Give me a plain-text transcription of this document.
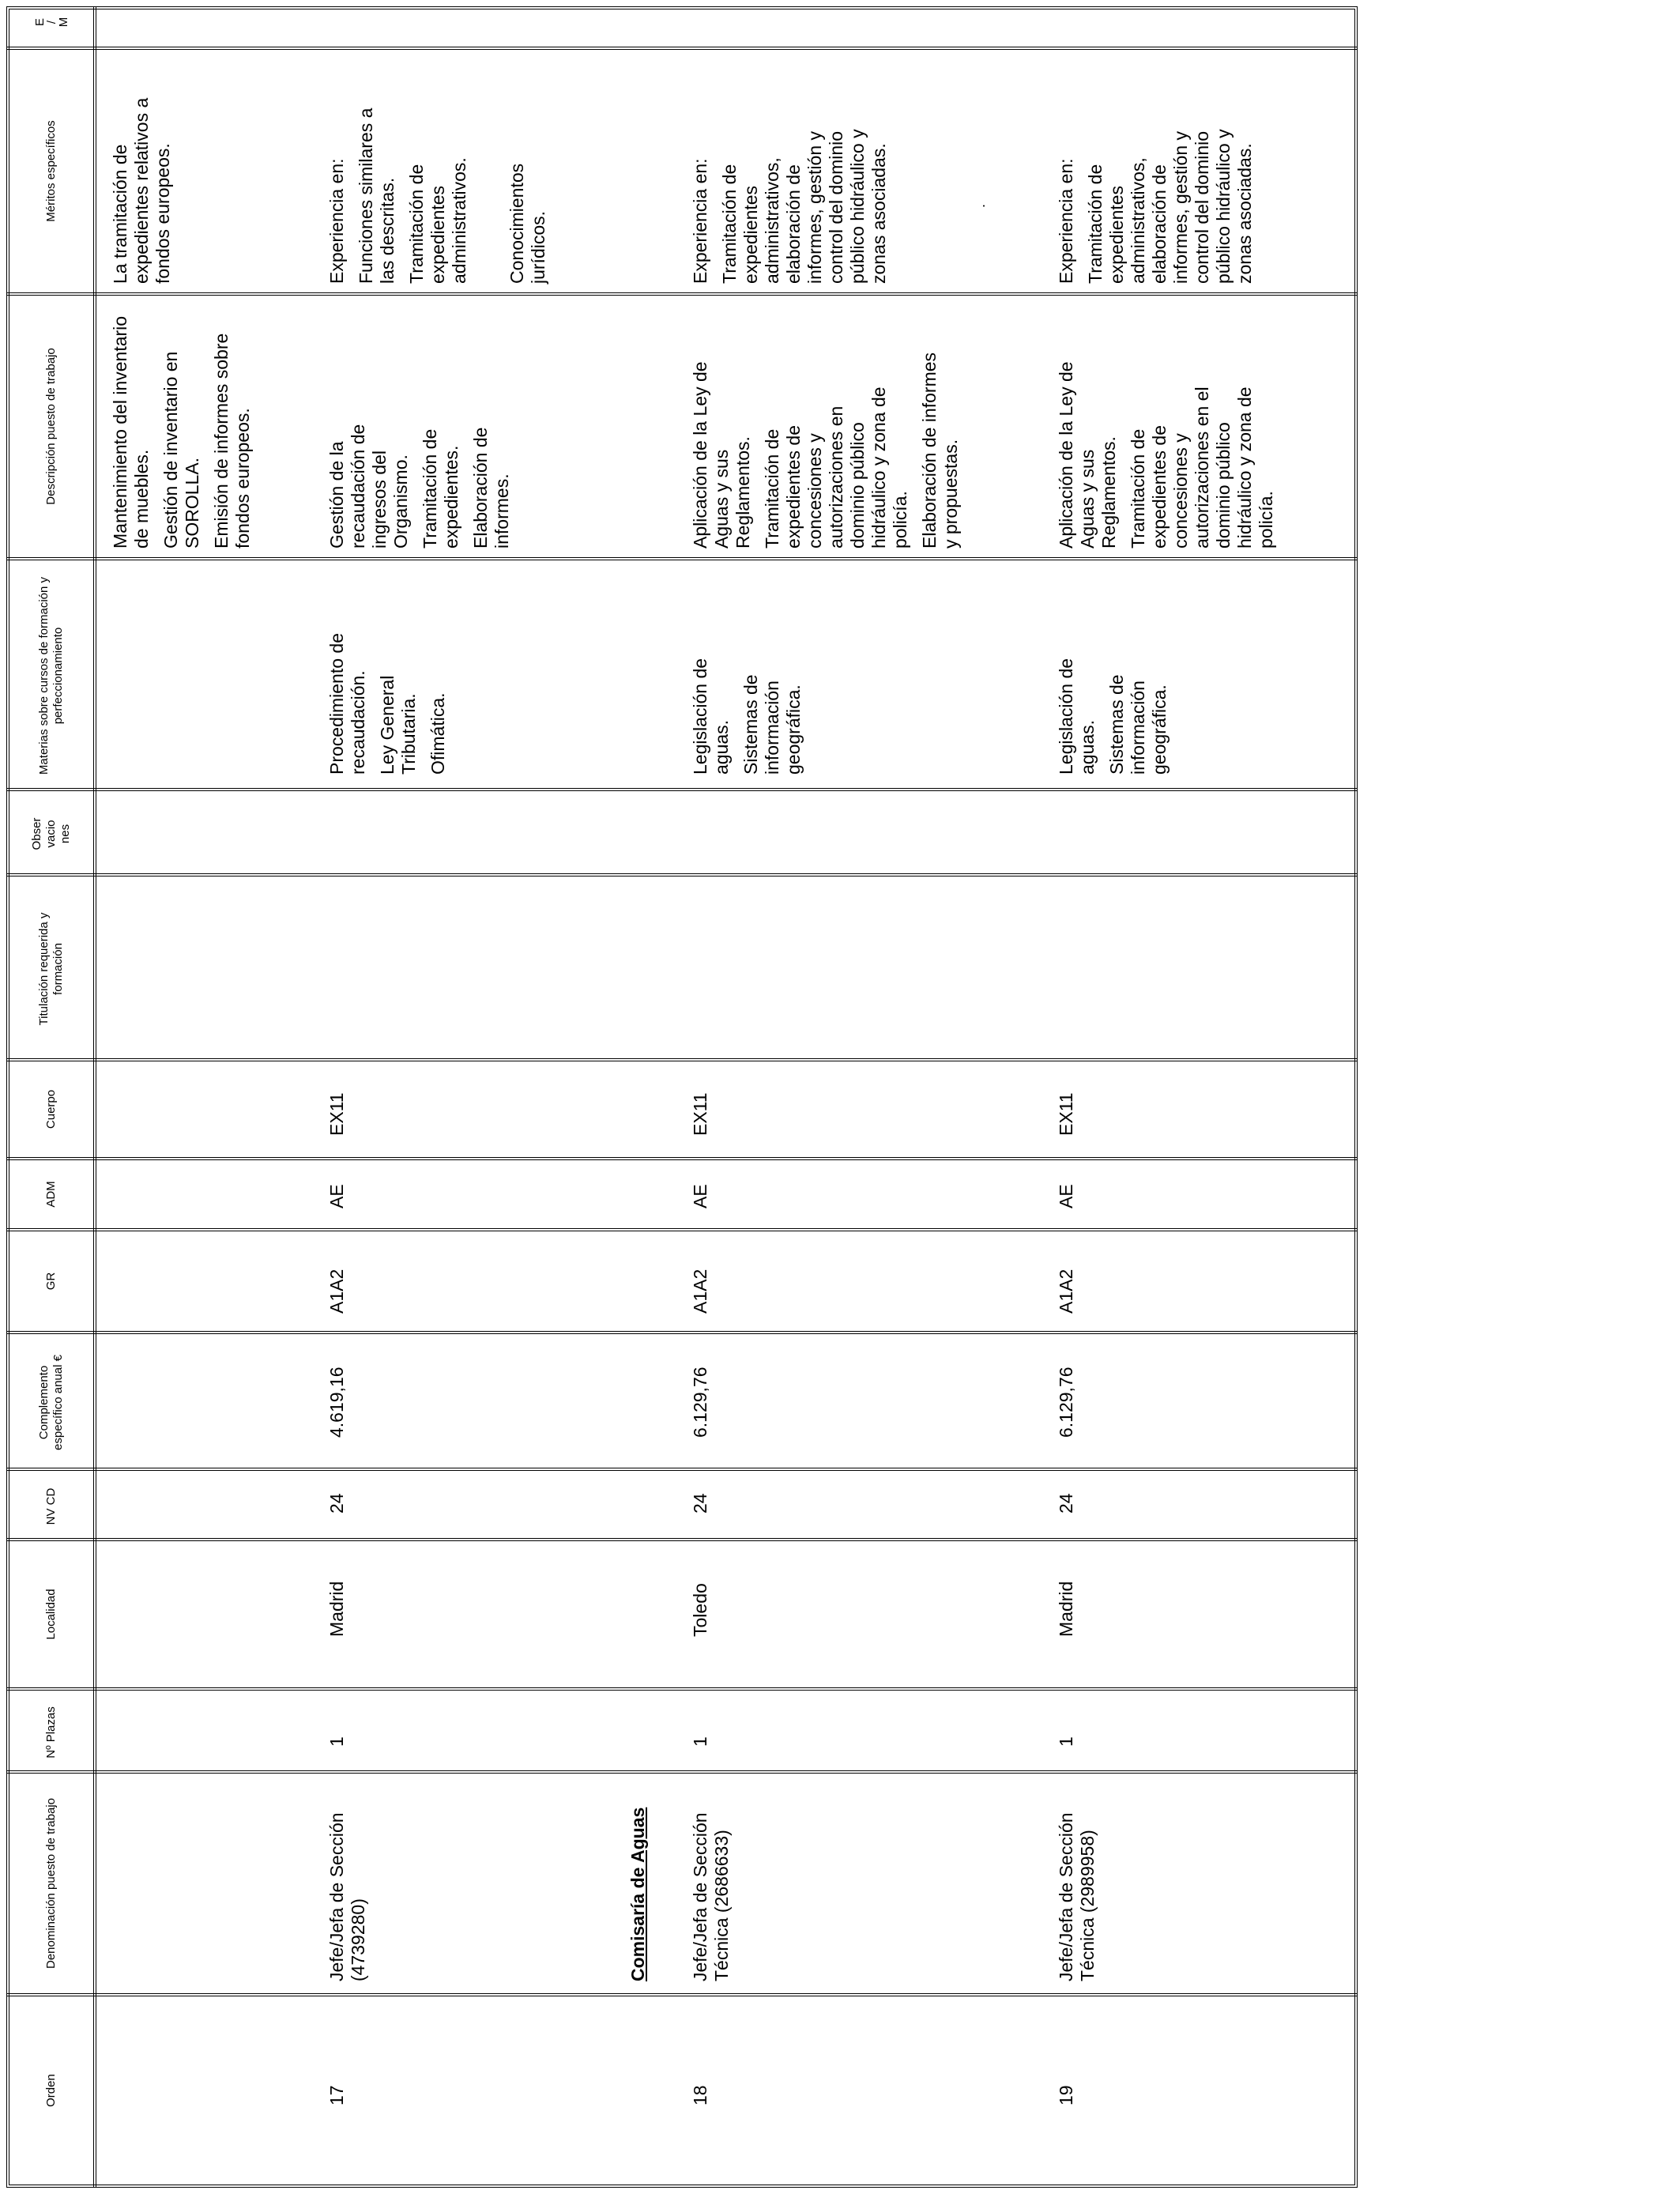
Orden
Denominación puesto de trabajo
Nº Plazas
Localidad
NV CD
Complemento específico anual €
GR
ADM
Cuerpo
Titulación requerida y formación
Obser vacio nes
Materias sobre cursos de formación y perfeccionamiento
Descripción puesto de trabajo
Méritos específicos
E / M

Mantenimiento del inventario de muebles. Gestión de inventario en SOROLLA. Emisión de informes sobre fondos europeos.

La tramitación de expedientes relativos a fondos europeos.

17
Jefe/Jefa de Sección (4739280)
1
Madrid
24
4.619,16
A1A2
AE
EX11

Procedimiento de recaudación. Ley General Tributaria. Ofimática.

Gestión de la recaudación de ingresos del Organismo. Tramitación de expedientes. Elaboración de informes.

Experiencia en: Funciones similares a las descritas. Tramitación de expedientes administrativos. Conocimientos jurídicos.

Comisaría de Aguas
18
Jefe/Jefa de Sección Técnica (2686633)
1
Toledo
24
6.129,76
A1A2
AE
EX11

Legislación de aguas. Sistemas de información geográfica.

Aplicación de la Ley de Aguas y sus Reglamentos. Tramitación de expedientes de concesiones y autorizaciones en dominio público hidráulico y zona de policía. Elaboración de informes y propuestas.

Experiencia en: Tramitación de expedientes administrativos, elaboración de informes, gestión y control del dominio público hidráulico y zonas asociadas.	.
19
Jefe/Jefa de Sección Técnica (2989958)
1
Madrid
24
6.129,76
A1A2
AE
EX11

Legislación de aguas. Sistemas de información geográfica.

Aplicación de la Ley de Aguas y sus Reglamentos. Tramitación de expedientes de concesiones y autorizaciones en el dominio público hidráulico y zona de policía.

Experiencia en: Tramitación de expedientes administrativos, elaboración de informes, gestión y control del dominio público hidráulico y zonas asociadas.
